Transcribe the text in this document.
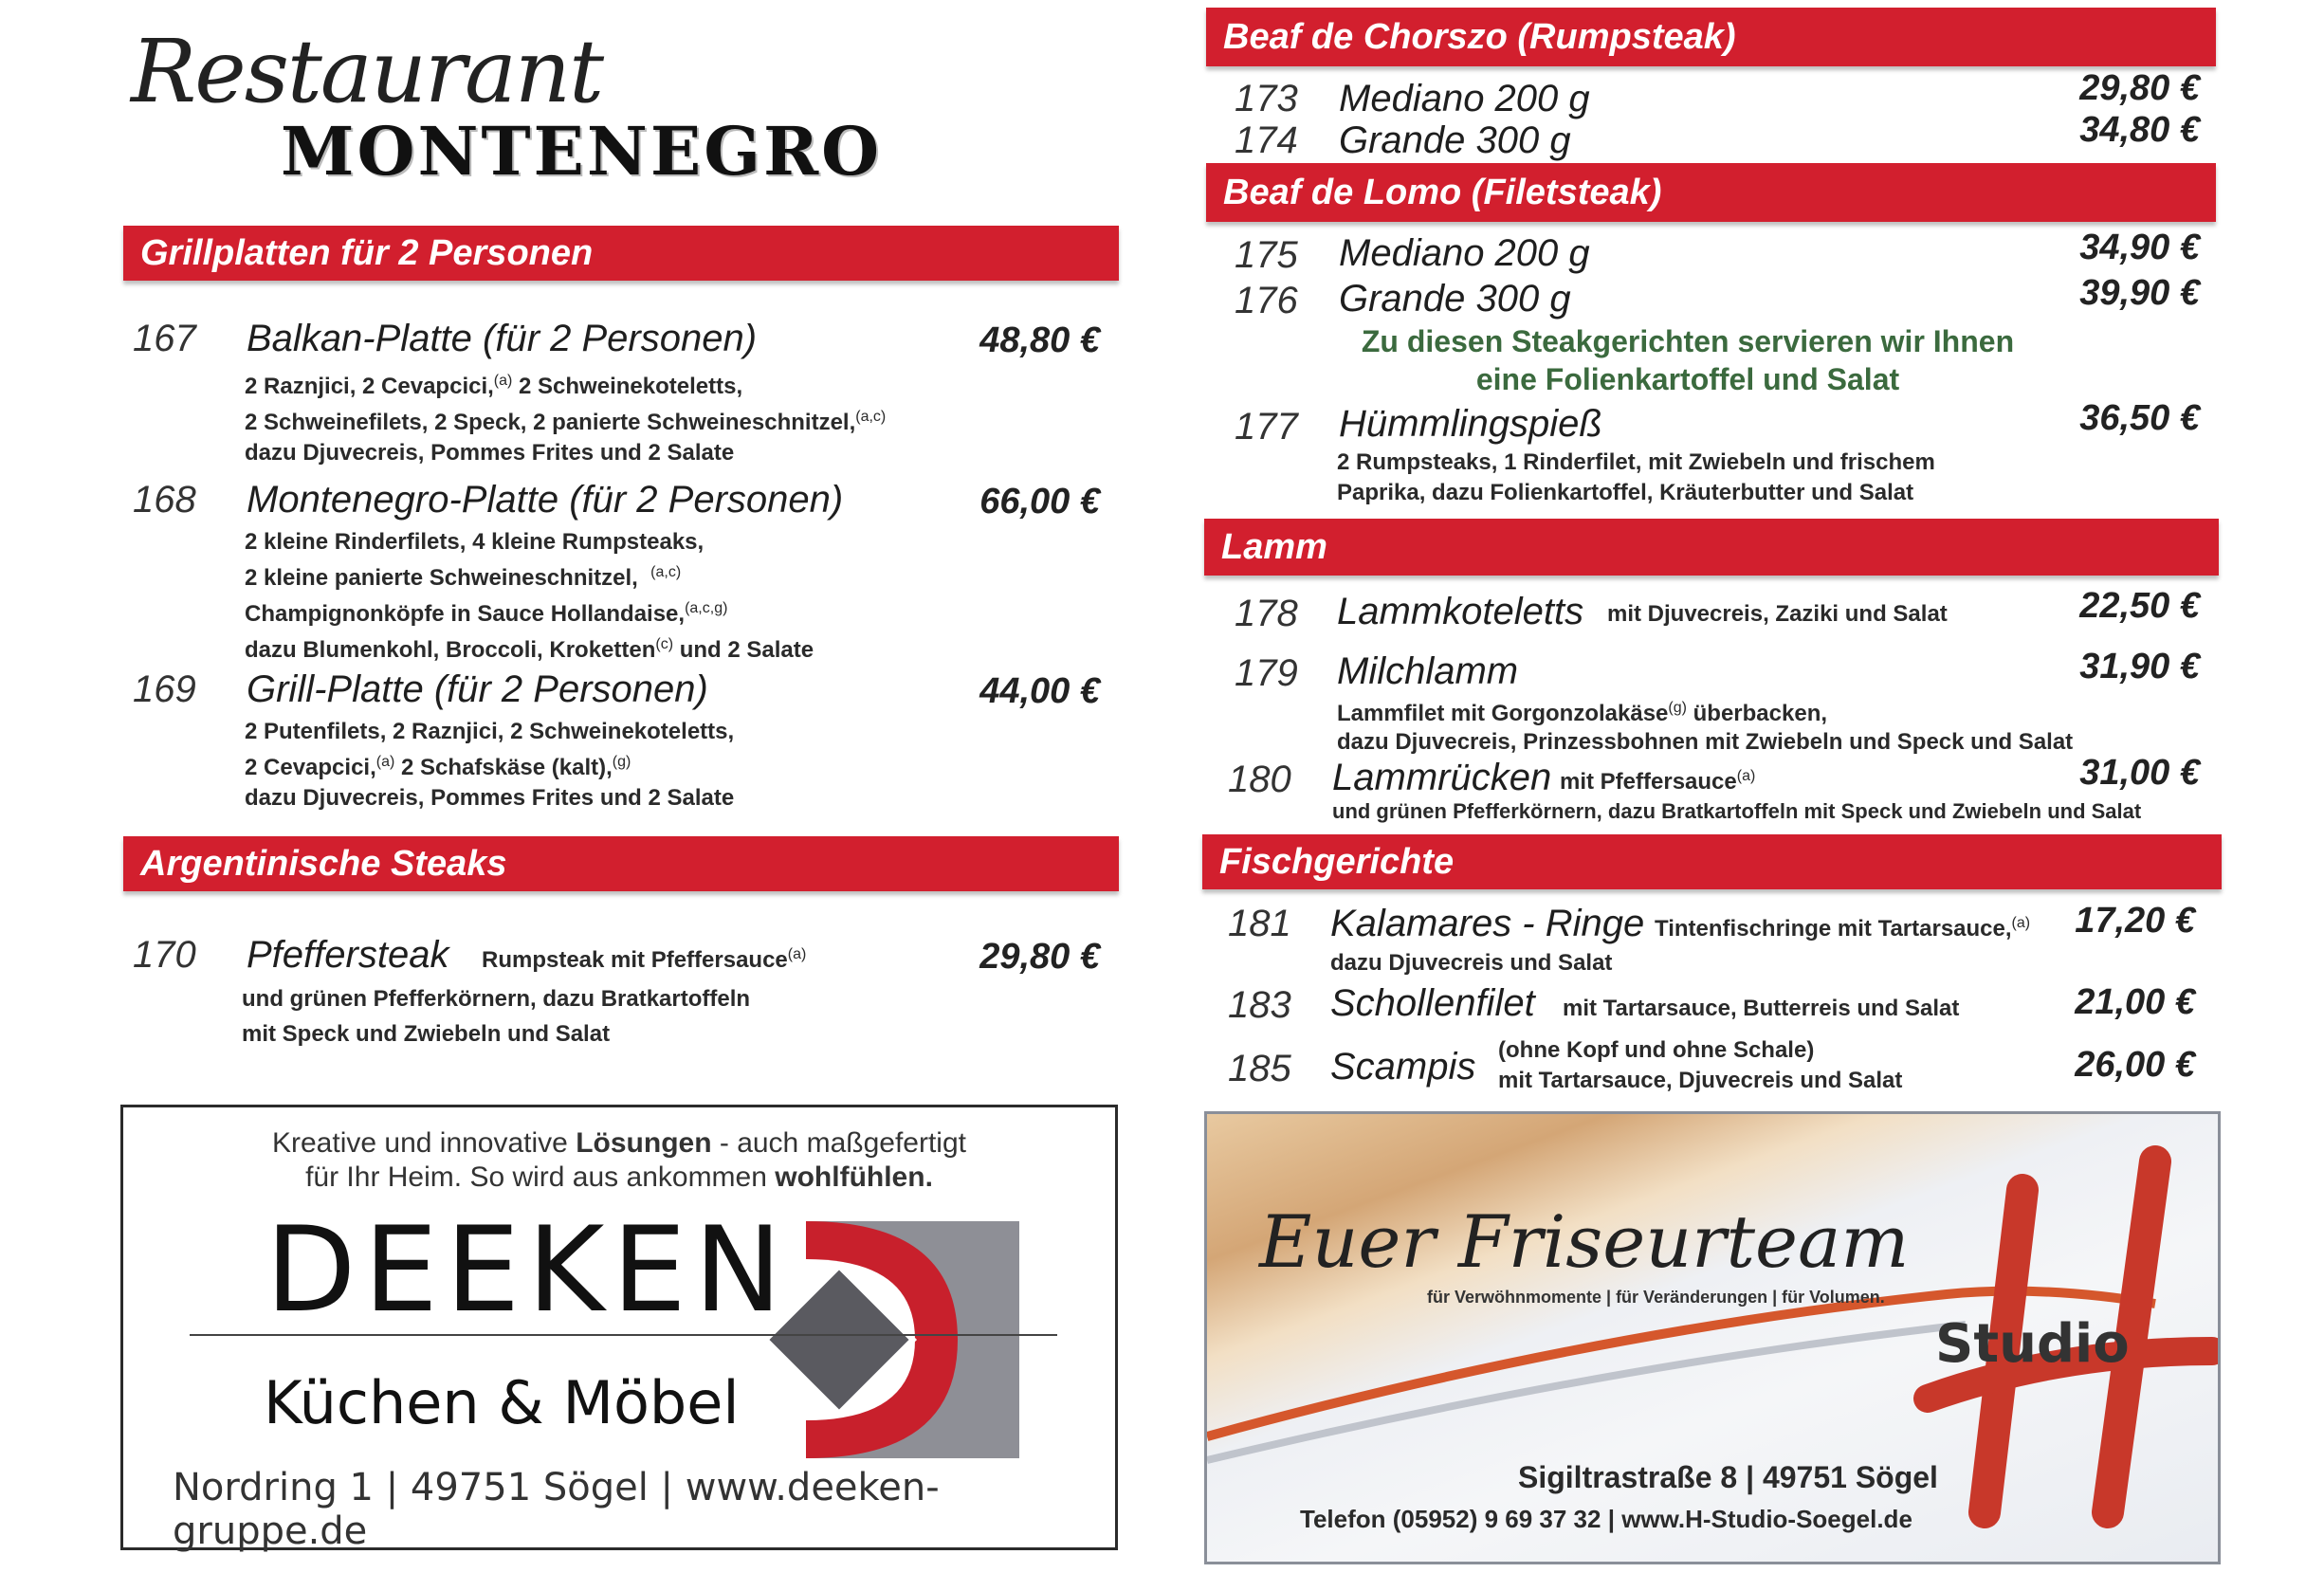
Restaurant
MONTENEGRO
Grillplatten für 2 Personen
167 Balkan-Platte (für 2 Personen)	48,80 €
2 Raznjici, 2 Cevapcici,$^{(a)}$ 2 Schweinekoteletts,
2 Schweinefilets, 2 Speck, 2 panierte Schweineschnitzel,$^{(a,c)}$
dazu Djuvecreis, Pommes Frites und 2 Salate
168 Montenegro-Platte (für 2 Personen)	66,00 €
2 kleine Rinderfilets, 4 kleine Rumpsteaks,
2 kleine panierte Schweineschnitzel, $^{(a,c)}$
Champignonköpfe in Sauce Hollandaise,$^{(a,c,g)}$
dazu Blumenkohl, Broccoli, Kroketten$^{(c)}$ und 2 Salate
169 Grill-Platte (für 2 Personen)	44,00 €
2 Putenfilets, 2 Raznjici, 2 Schweinekoteletts,
2 Cevapcici,$^{(a)}$ 2 Schafskäse (kalt),$^{(g)}$
dazu Djuvecreis, Pommes Frites und 2 Salate
Argentinische Steaks
170 Pfeffersteak Rumpsteak mit Pfeffersauce$^{(a)}$	29,80 €
und grünen Pfefferkörnern, dazu Bratkartoffeln
mit Speck und Zwiebeln und Salat
Beaf de Chorszo (Rumpsteak)
173 Mediano 200 g	29,80 €
174 Grande 300 g	34,80 €
Beaf de Lomo (Filetsteak)
175 Mediano 200 g	34,90 €
176 Grande 300 g	39,90 €
Zu diesen Steakgerichten servieren wir Ihnen
eine Folienkartoffel und Salat
177 Hümmlingspieß	36,50 €
2 Rumpsteaks, 1 Rinderfilet, mit Zwiebeln und frischem
Paprika, dazu Folienkartoffel, Kräuterbutter und Salat
Lamm
178 Lammkoteletts mit Djuvecreis, Zaziki und Salat	22,50 €
179 Milchlamm	31,90 €
Lammfilet mit Gorgonzolakäse$^{(g)}$ überbacken,
dazu Djuvecreis, Prinzessbohnen mit Zwiebeln und Speck und Salat
180 Lammrücken mit Pfeffersauce$^{(a)}$	31,00 €
und grünen Pfefferkörnern, dazu Bratkartoffeln mit Speck und Zwiebeln und Salat
Fischgerichte
181 Kalamares - Ringe Tintenfischringe mit Tartarsauce,$^{(a)}$	17,20 €
dazu Djuvecreis und Salat
183 Schollenfilet mit Tartarsauce, Butterreis und Salat	21,00 €
185 Scampis (ohne Kopf und ohne Schale)
mit Tartarsauce, Djuvecreis und Salat	26,00 €
Kreative und innovative Lösungen - auch maßgefertigt
für Ihr Heim. So wird aus ankommen wohlfühlen.
DEEKEN
Küchen & Möbel
Nordring 1 | 49751 Sögel | www.deeken-gruppe.de
Euer Friseurteam
für Verwöhnmomente | für Veränderungen | für Volumen.
Studio
Sigiltrastraße 8 | 49751 Sögel
Telefon (05952) 9 69 37 32 | www.H-Studio-Soegel.de
